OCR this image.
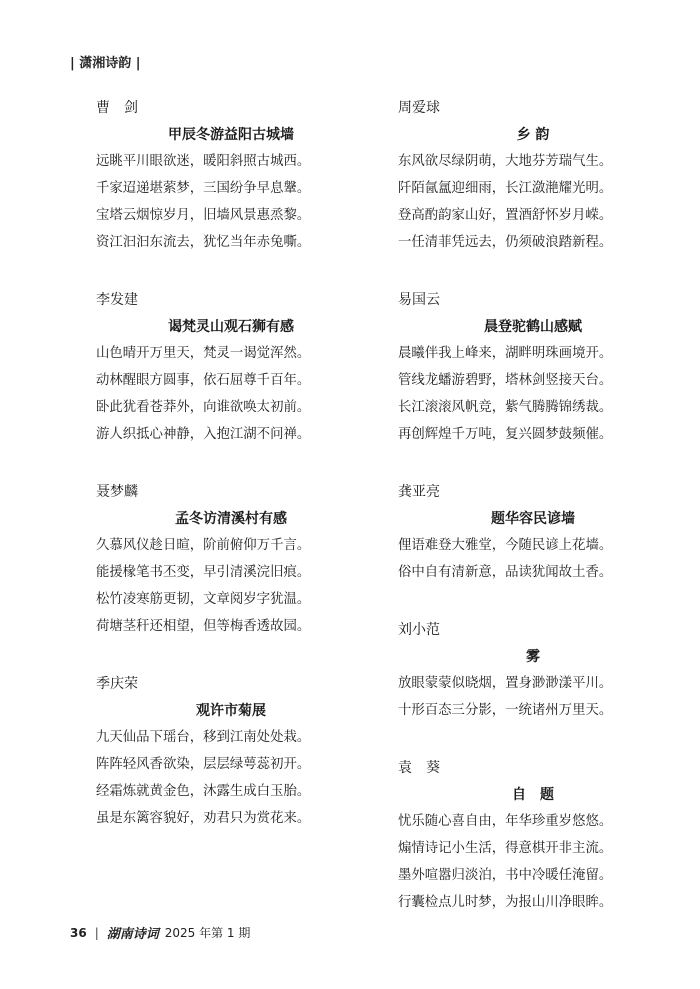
| 潇湘诗韵 |
曹　剑
甲辰冬游益阳古城墙
远眺平川眼欲迷，暖阳斜照古城西。
千家迢递堪萦梦，三国纷争早息鞶。
宝塔云烟惊岁月，旧墙风景惠烝黎。
资江汩汩东流去，犹忆当年赤兔嘶。
李发建
谒梵灵山观石狮有感
山色晴开万里天，梵灵一谒觉浑然。
动林醒眼方圆事，依石屈尊千百年。
卧此犹看苍莽外，向谁欲唤太初前。
游人织抵心神静，入抱江湖不问禅。
聂梦麟
孟冬访清溪村有感
久慕风仪趁日暄，阶前俯仰万千言。
能援椽笔书丕变，早引清溪浣旧痕。
松竹凌寒筋更韧，文章阅岁字犹温。
荷塘茎秆还相望，但等梅香透故园。
季庆荣
观许市菊展
九天仙品下瑶台，移到江南处处栽。
阵阵轻风香欲染，层层绿萼蕊初开。
经霜炼就黄金色，沐露生成白玉胎。
虽是东篱容貌好，劝君只为赏花来。
周爱球
乡 韵
东风欲尽绿阴萌，大地芬芳瑞气生。
阡陌氤氲迎细雨，长江潋滟耀光明。
登高酌韵家山好，置酒舒怀岁月嵘。
一任清菲凭远去，仍须破浪踏新程。
易国云
晨登驼鹤山感赋
晨曦伴我上峰来，湖畔明珠画境开。
管线龙蟠游碧野，塔林剑竖接天台。
长江滚滚风帆竞，紫气腾腾锦绣裁。
再创辉煌千万吨，复兴圆梦鼓频催。
龚亚亮
题华容民谚墙
俚语难登大雅堂，今随民谚上花墙。
俗中自有清新意，品读犹闻故土香。
刘小范
雾
放眼蒙蒙似晓烟，置身渺渺漾平川。
十形百态三分影，一统诸州万里天。
袁　葵
自　题
忧乐随心喜自由，年华珍重岁悠悠。
煽情诗记小生活，得意棋开非主流。
墨外喧嚣归淡泊，书中冷暖任淹留。
行囊检点儿时梦，为报山川净眼眸。
36 | 湖南诗词 2025 年第 1 期
